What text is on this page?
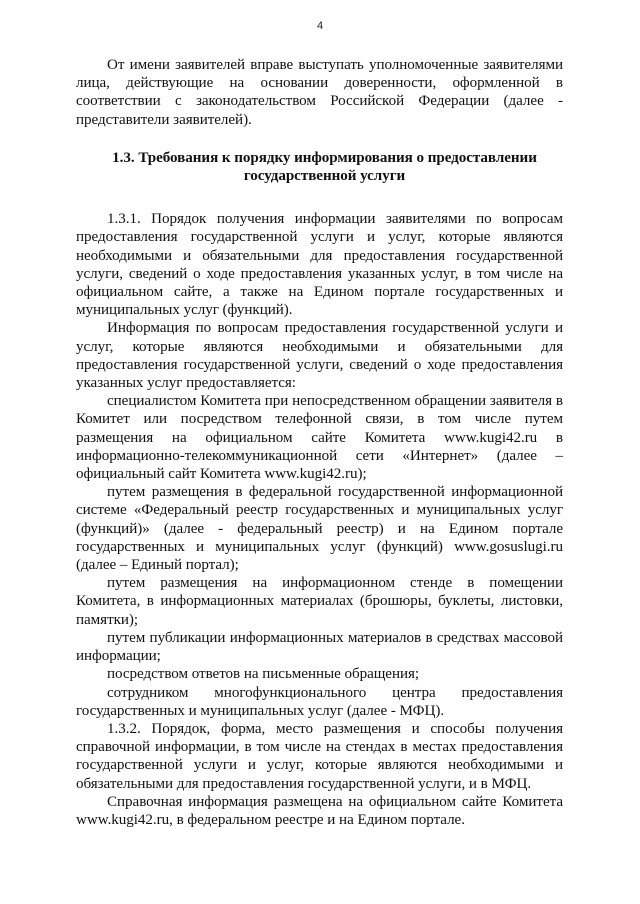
4

От имени заявителей вправе выступать уполномоченные заявителями лица, действующие на основании доверенности, оформленной в соответствии с законодательством Российской Федерации (далее - представители заявителей).

1.3. Требования к порядку информирования о предоставлении
государственной услуги

1.3.1. Порядок получения информации заявителями по вопросам предоставления государственной услуги и услуг, которые являются необходимыми и обязательными для предоставления государственной услуги, сведений о ходе предоставления указанных услуг, в том числе на официальном сайте, а также на Едином портале государственных и муниципальных услуг (функций).

Информация по вопросам предоставления государственной услуги и услуг, которые являются необходимыми и обязательными для предоставления государственной услуги, сведений о ходе предоставления указанных услуг предоставляется:

специалистом Комитета при непосредственном обращении заявителя в Комитет или посредством телефонной связи, в том числе путем размещения на официальном сайте Комитета www.kugi42.ru в информационно-телекоммуникационной сети «Интернет» (далее – официальный сайт Комитета www.kugi42.ru);

путем размещения в федеральной государственной информационной системе «Федеральный реестр государственных и муниципальных услуг (функций)» (далее - федеральный реестр) и на Едином портале государственных и муниципальных услуг (функций) www.gosuslugi.ru (далее – Единый портал);

путем размещения на информационном стенде в помещении Комитета, в информационных материалах (брошюры, буклеты, листовки, памятки);

путем публикации информационных материалов в средствах массовой информации;

посредством ответов на письменные обращения;

сотрудником многофункционального центра предоставления государственных и муниципальных услуг (далее - МФЦ).

1.3.2. Порядок, форма, место размещения и способы получения справочной информации, в том числе на стендах в местах предоставления государственной услуги и услуг, которые являются необходимыми и обязательными для предоставления государственной услуги, и в МФЦ.

Справочная информация размещена на официальном сайте Комитета www.kugi42.ru, в федеральном реестре и на Едином портале.
